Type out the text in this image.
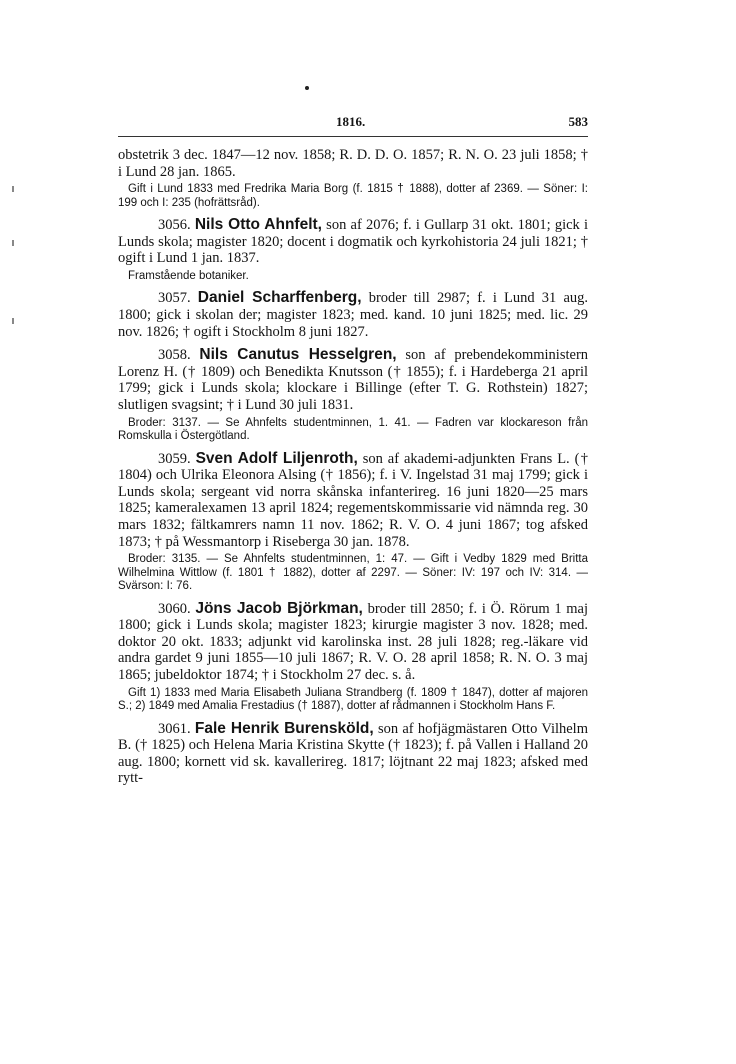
1816.	583

obstetrik 3 dec. 1847—12 nov. 1858; R. D. D. O. 1857; R. N. O. 23 juli 1858; † i Lund 28 jan. 1865.

Gift i Lund 1833 med Fredrika Maria Borg (f. 1815 † 1888), dotter af 2369. — Söner: I: 199 och I: 235 (hofrättsråd).

3056. Nils Otto Ahnfelt, son af 2076; f. i Gullarp 31 okt. 1801; gick i Lunds skola; magister 1820; docent i dogmatik och kyrkohistoria 24 juli 1821; † ogift i Lund 1 jan. 1837.

Framstående botaniker.

3057. Daniel Scharffenberg, broder till 2987; f. i Lund 31 aug. 1800; gick i skolan der; magister 1823; med. kand. 10 juni 1825; med. lic. 29 nov. 1826; † ogift i Stockholm 8 juni 1827.

3058. Nils Canutus Hesselgren, son af prebendekomministern Lorenz H. († 1809) och Benedikta Knutsson († 1855); f. i Hardeberga 21 april 1799; gick i Lunds skola; klockare i Billinge (efter T. G. Rothstein) 1827; slutligen svagsint; † i Lund 30 juli 1831.

Broder: 3137. — Se Ahnfelts studentminnen, 1. 41. — Fadren var klockareson från Romskulla i Östergötland.

3059. Sven Adolf Liljenroth, son af akademi-adjunkten Frans L. († 1804) och Ulrika Eleonora Alsing († 1856); f. i V. Ingelstad 31 maj 1799; gick i Lunds skola; sergeant vid norra skånska infanterireg. 16 juni 1820—25 mars 1825; kameralexamen 13 april 1824; regementskommissarie vid nämnda reg. 30 mars 1832; fältkamrers namn 11 nov. 1862; R. V. O. 4 juni 1867; tog afsked 1873; † på Wessmantorp i Riseberga 30 jan. 1878.

Broder: 3135. — Se Ahnfelts studentminnen, 1: 47. — Gift i Vedby 1829 med Britta Wilhelmina Wittlow (f. 1801 † 1882), dotter af 2297. — Söner: IV: 197 och IV: 314. — Svärson: I: 76.

3060. Jöns Jacob Björkman, broder till 2850; f. i Ö. Rörum 1 maj 1800; gick i Lunds skola; magister 1823; kirurgie magister 3 nov. 1828; med. doktor 20 okt. 1833; adjunkt vid karolinska inst. 28 juli 1828; reg.-läkare vid andra gardet 9 juni 1855—10 juli 1867; R. V. O. 28 april 1858; R. N. O. 3 maj 1865; jubeldoktor 1874; † i Stockholm 27 dec. s. å.

Gift 1) 1833 med Maria Elisabeth Juliana Strandberg (f. 1809 † 1847), dotter af majoren S.; 2) 1849 med Amalia Frestadius († 1887), dotter af rådmannen i Stockholm Hans F.

3061. Fale Henrik Burensköld, son af hofjägmästaren Otto Vilhelm B. († 1825) och Helena Maria Kristina Skytte († 1823); f. på Vallen i Halland 20 aug. 1800; kornett vid sk. kavallerireg. 1817; löjtnant 22 maj 1823; afsked med rytt-
